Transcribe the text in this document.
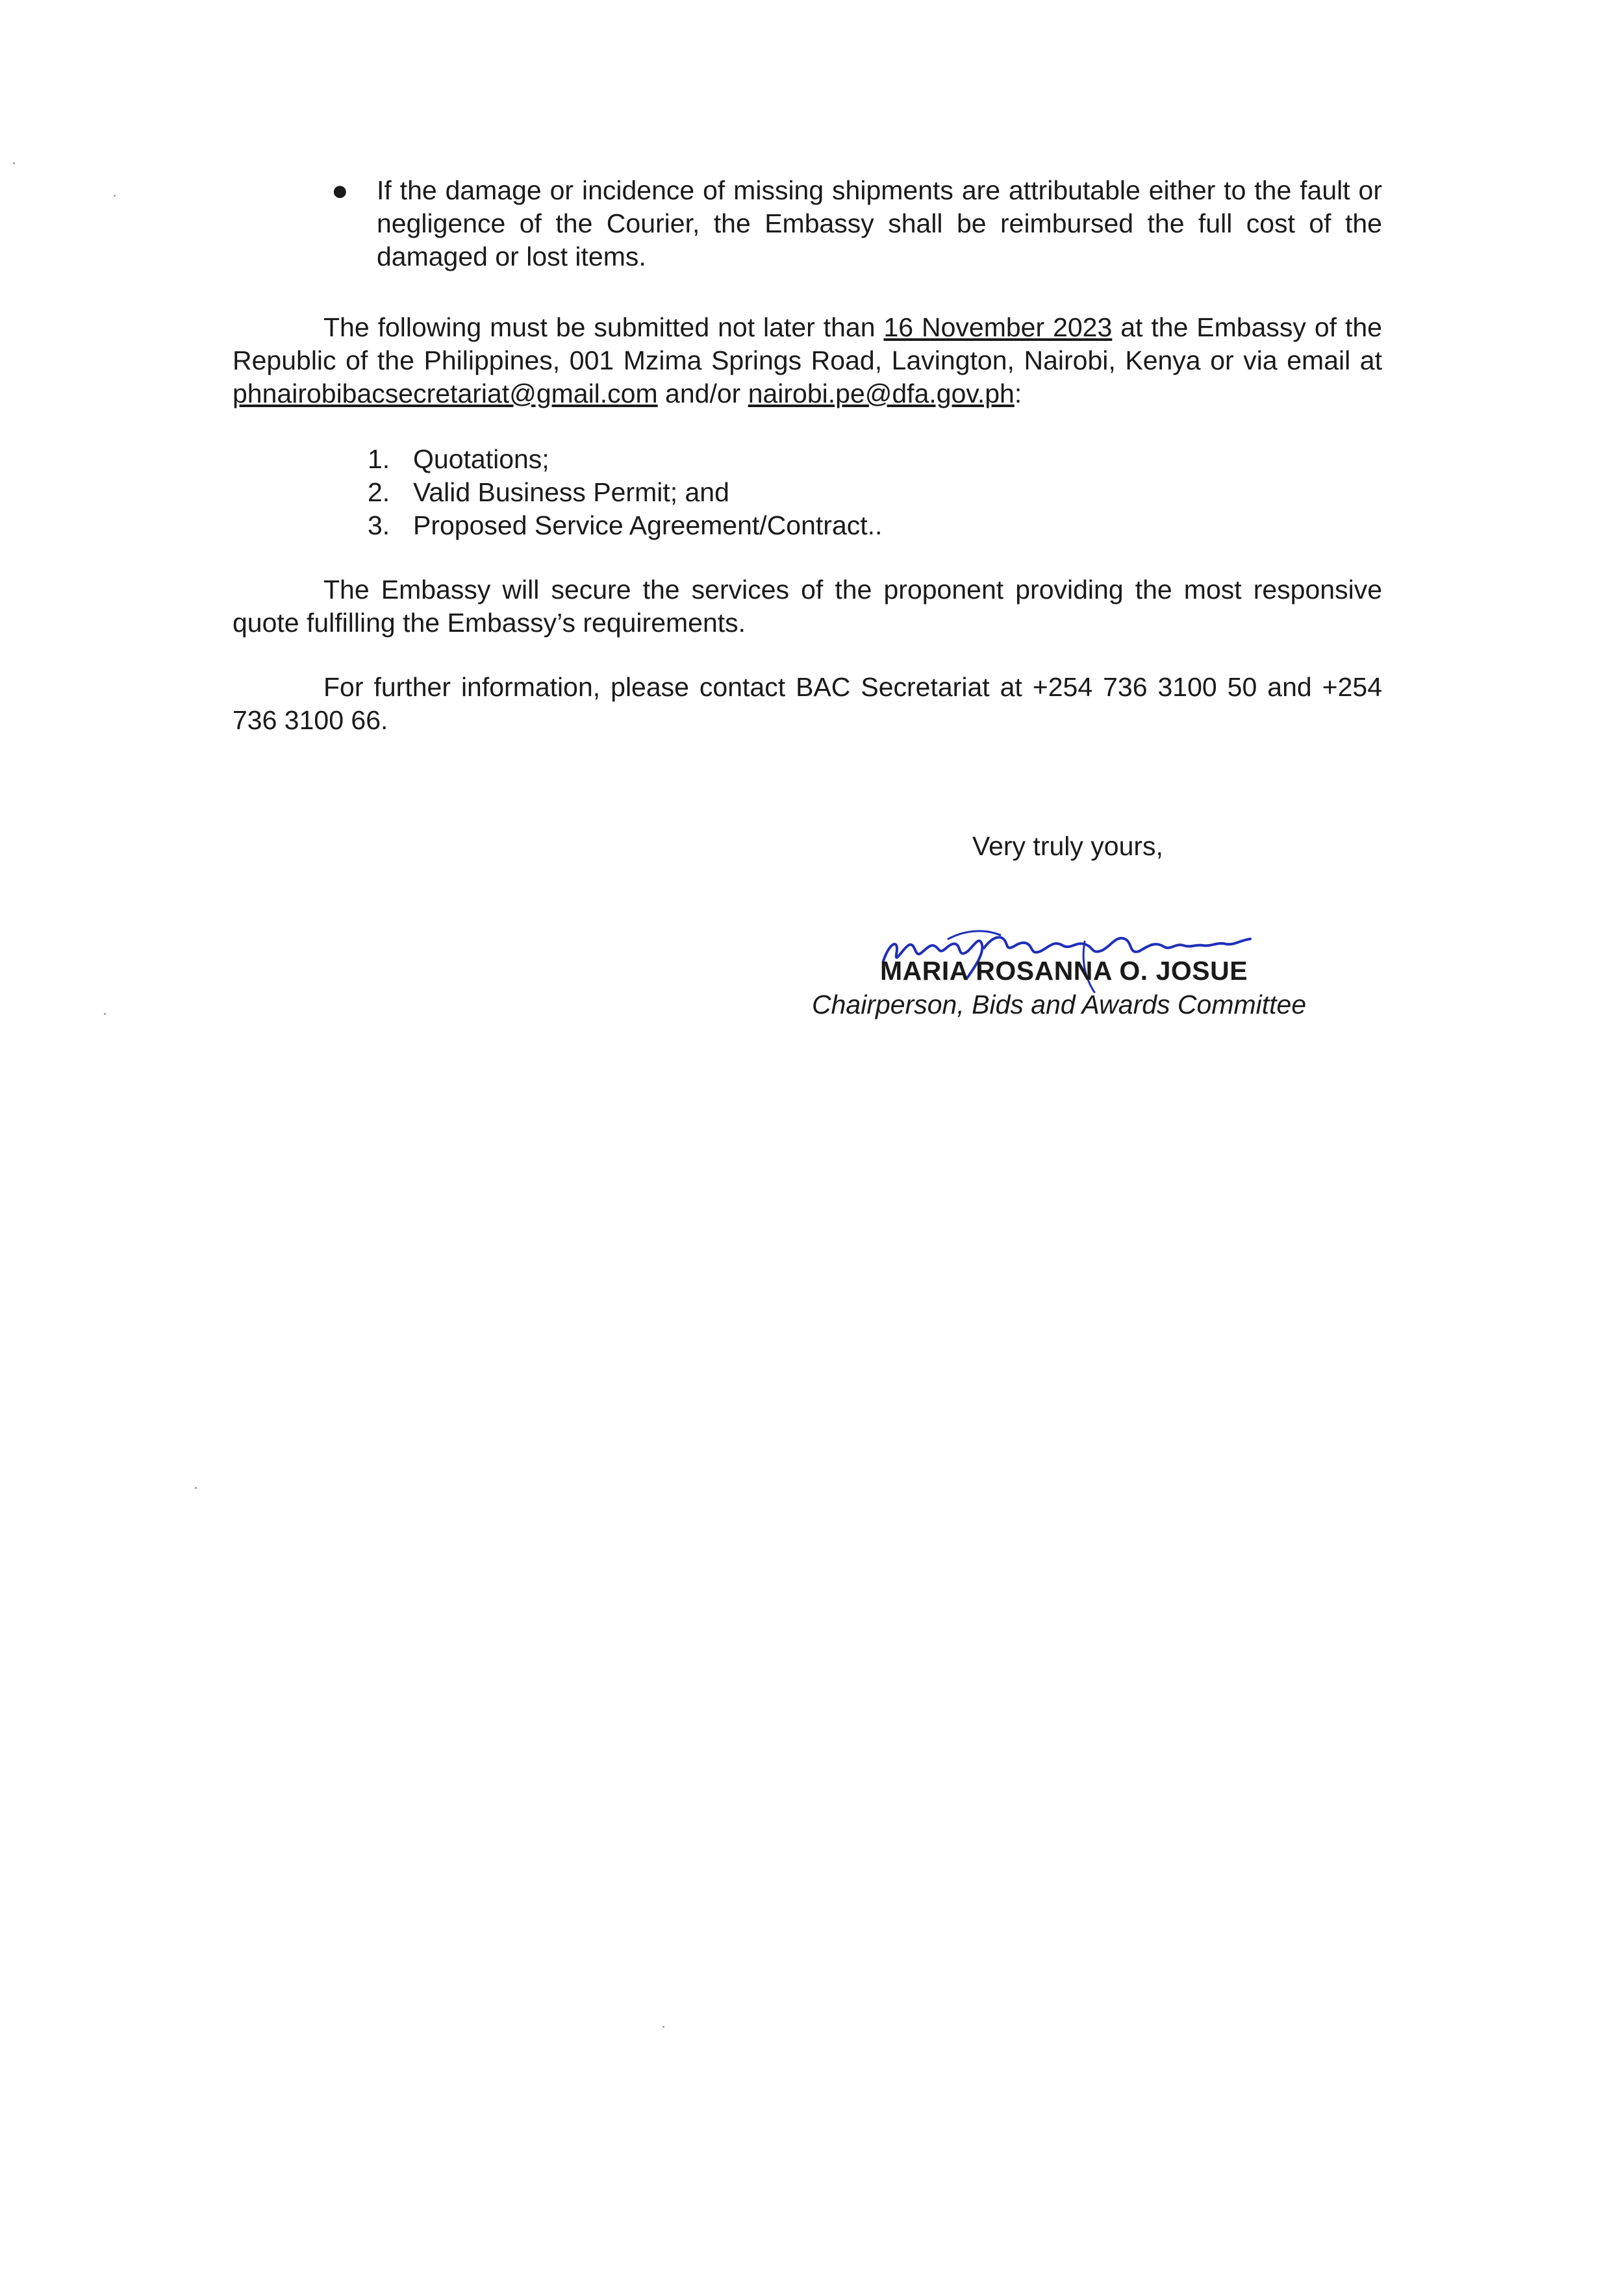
● If the damage or incidence of missing shipments are attributable either to the fault or negligence of the Courier, the Embassy shall be reimbursed the full cost of the damaged or lost items.

The following must be submitted not later than 16 November 2023 at the Embassy of the Republic of the Philippines, 001 Mzima Springs Road, Lavington, Nairobi, Kenya or via email at phnairobibacsecretariat@gmail.com and/or nairobi.pe@dfa.gov.ph:

1. Quotations;
2. Valid Business Permit; and
3. Proposed Service Agreement/Contract..

The Embassy will secure the services of the proponent providing the most responsive quote fulfilling the Embassy’s requirements.

For further information, please contact BAC Secretariat at +254 736 3100 50 and +254 736 3100 66.

Very truly yours,
MARIA ROSANNA O. JOSUE
Chairperson, Bids and Awards Committee
